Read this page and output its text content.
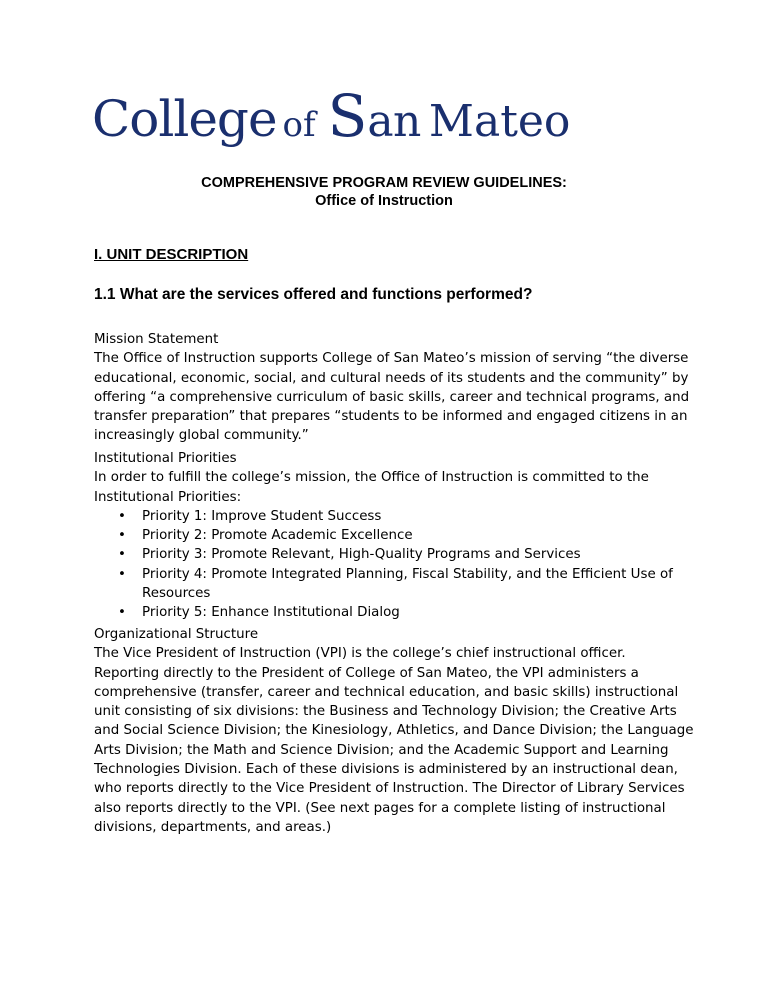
College of San Mateo
COMPREHENSIVE PROGRAM REVIEW GUIDELINES:
Office of Instruction
I. UNIT DESCRIPTION
1.1 What are the services offered and functions performed?

Mission Statement

The Office of Instruction supports College of San Mateo’s mission of serving “the diverse educational, economic, social, and cultural needs of its students and the community” by offering “a comprehensive curriculum of basic skills, career and technical programs, and transfer preparation” that prepares “students to be informed and engaged citizens in an increasingly global community.”

Institutional Priorities

In order to fulfill the college’s mission, the Office of Instruction is committed to the Institutional Priorities:

• Priority 1: Improve Student Success
• Priority 2: Promote Academic Excellence
• Priority 3: Promote Relevant, High-Quality Programs and Services
• Priority 4: Promote Integrated Planning, Fiscal Stability, and the Efficient Use of Resources
• Priority 5: Enhance Institutional Dialog

Organizational Structure

The Vice President of Instruction (VPI) is the college’s chief instructional officer. Reporting directly to the President of College of San Mateo, the VPI administers a comprehensive (transfer, career and technical education, and basic skills) instructional unit consisting of six divisions: the Business and Technology Division; the Creative Arts and Social Science Division; the Kinesiology, Athletics, and Dance Division; the Language Arts Division; the Math and Science Division; and the Academic Support and Learning Technologies Division. Each of these divisions is administered by an instructional dean, who reports directly to the Vice President of Instruction. The Director of Library Services also reports directly to the VPI. (See next pages for a complete listing of instructional divisions, departments, and areas.)
